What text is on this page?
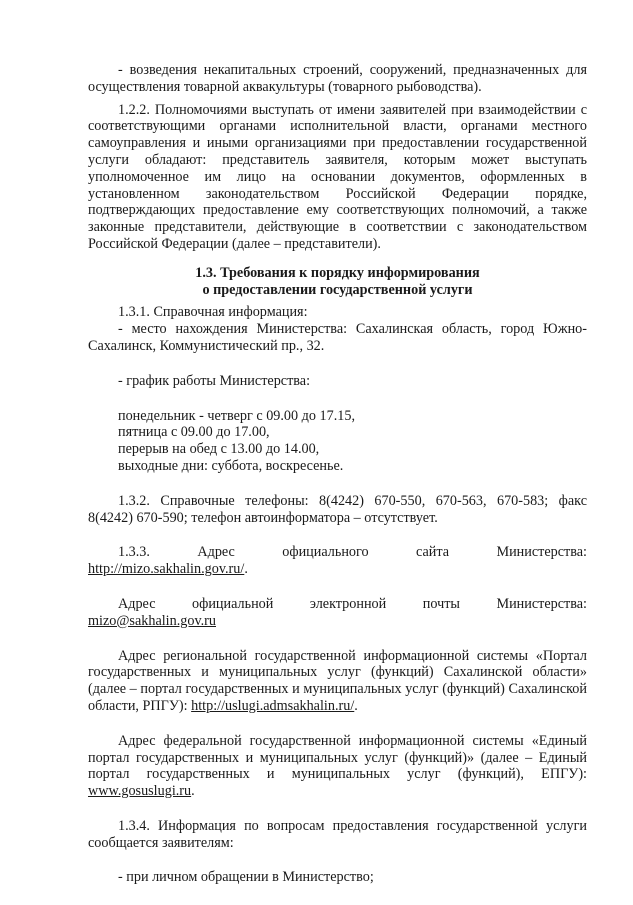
- возведения некапитальных строений, сооружений, предназначенных для осуществления товарной аквакультуры (товарного рыбоводства).

1.2.2. Полномочиями выступать от имени заявителей при взаимодействии с соответствующими органами исполнительной власти, органами местного самоуправления и иными организациями при предоставлении государственной услуги обладают: представитель заявителя, которым может выступать уполномоченное им лицо на основании документов, оформленных в установленном законодательством Российской Федерации порядке, подтверждающих предоставление ему соответствующих полномочий, а также законные представители, действующие в соответствии с законодательством Российской Федерации (далее – представители).

1.3. Требования к порядку информирования

о предоставлении государственной услуги

1.3.1. Справочная информация:

- место нахождения Министерства: Сахалинская область, город Южно-Сахалинск, Коммунистический пр., 32.

- график работы Министерства:

понедельник - четверг с 09.00 до 17.15,
пятница с 09.00 до 17.00,
перерыв на обед с 13.00 до 14.00,
выходные дни: суббота, воскресенье.

1.3.2. Справочные телефоны: 8(4242) 670-550, 670-563, 670-583; факс 8(4242) 670-590; телефон автоинформатора – отсутствует.

1.3.3. Адрес официального сайта Министерства:

http://mizo.sakhalin.gov.ru/.

Адрес официальной электронной почты Министерства:

mizo@sakhalin.gov.ru

Адрес региональной государственной информационной системы «Портал государственных и муниципальных услуг (функций) Сахалинской области» (далее – портал государственных и муниципальных услуг (функций) Сахалинской области, РПГУ): http://uslugi.admsakhalin.ru/.

Адрес федеральной государственной информационной системы «Единый портал государственных и муниципальных услуг (функций)» (далее – Единый портал государственных и муниципальных услуг (функций), ЕПГУ): www.gosuslugi.ru.

1.3.4. Информация по вопросам предоставления государственной услуги сообщается заявителям:

- при личном обращении в Министерство;
